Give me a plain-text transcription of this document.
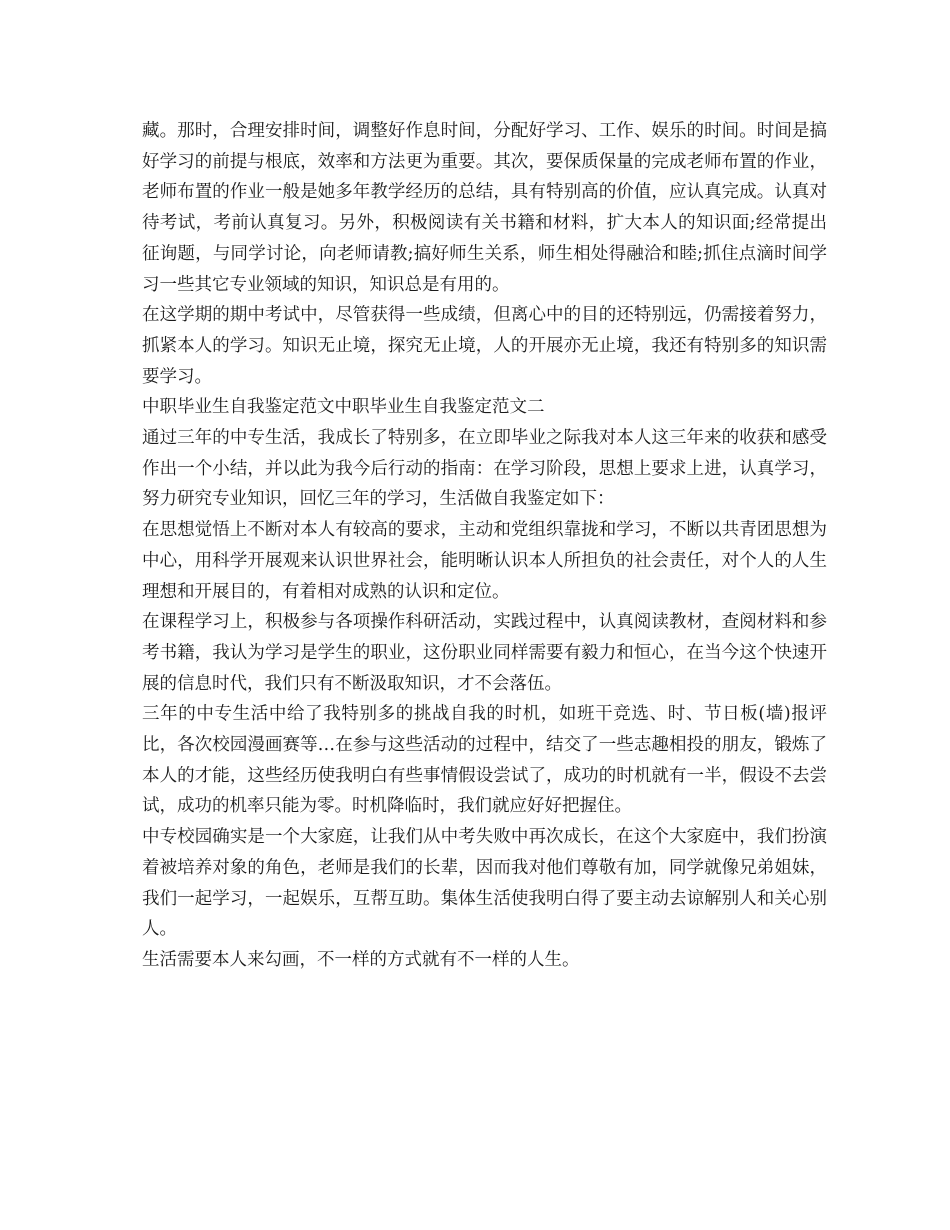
藏。那时，合理安排时间，调整好作息时间，分配好学习、工作、娱乐的时间。时间是搞好学习的前提与根底，效率和方法更为重要。其次，要保质保量的完成老师布置的作业，老师布置的作业一般是她多年教学经历的总结，具有特别高的价值，应认真完成。认真对待考试，考前认真复习。另外，积极阅读有关书籍和材料，扩大本人的知识面;经常提出征询题，与同学讨论，向老师请教;搞好师生关系，师生相处得融洽和睦;抓住点滴时间学习一些其它专业领域的知识，知识总是有用的。

在这学期的期中考试中，尽管获得一些成绩，但离心中的目的还特别远，仍需接着努力，抓紧本人的学习。知识无止境，探究无止境，人的开展亦无止境，我还有特别多的知识需要学习。

中职毕业生自我鉴定范文中职毕业生自我鉴定范文二

通过三年的中专生活，我成长了特别多，在立即毕业之际我对本人这三年来的收获和感受作出一个小结，并以此为我今后行动的指南：在学习阶段，思想上要求上进，认真学习，努力研究专业知识，回忆三年的学习，生活做自我鉴定如下：

在思想觉悟上不断对本人有较高的要求，主动和党组织靠拢和学习，不断以共青团思想为中心，用科学开展观来认识世界社会，能明晰认识本人所担负的社会责任，对个人的人生理想和开展目的，有着相对成熟的认识和定位。

在课程学习上，积极参与各项操作科研活动，实践过程中，认真阅读教材，查阅材料和参考书籍，我认为学习是学生的职业，这份职业同样需要有毅力和恒心，在当今这个快速开展的信息时代，我们只有不断汲取知识，才不会落伍。

三年的中专生活中给了我特别多的挑战自我的时机，如班干竞选、时、节日板(墙)报评比，各次校园漫画赛等…在参与这些活动的过程中，结交了一些志趣相投的朋友，锻炼了本人的才能，这些经历使我明白有些事情假设尝试了，成功的时机就有一半，假设不去尝试，成功的机率只能为零。时机降临时，我们就应好好把握住。

中专校园确实是一个大家庭，让我们从中考失败中再次成长，在这个大家庭中，我们扮演着被培养对象的角色，老师是我们的长辈，因而我对他们尊敬有加，同学就像兄弟姐妹，我们一起学习，一起娱乐，互帮互助。集体生活使我明白得了要主动去谅解别人和关心别人。

生活需要本人来勾画，不一样的方式就有不一样的人生。
